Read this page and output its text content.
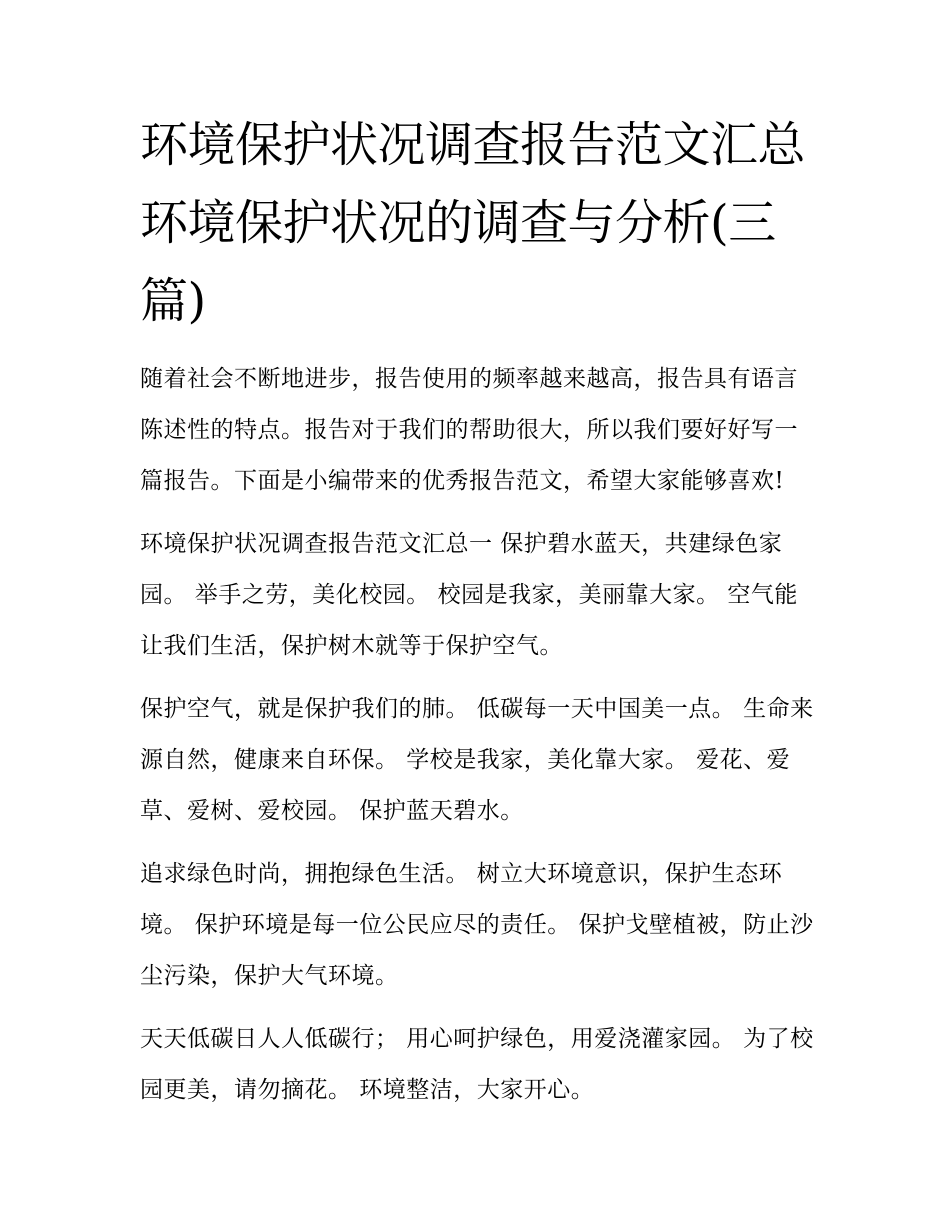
环境保护状况调查报告范文汇总 环境保护状况的调查与分析(三篇)

随着社会不断地进步，报告使用的频率越来越高，报告具有语言陈述性的特点。报告对于我们的帮助很大，所以我们要好好写一篇报告。下面是小编带来的优秀报告范文，希望大家能够喜欢!

环境保护状况调查报告范文汇总一 保护碧水蓝天，共建绿色家园。 举手之劳，美化校园。 校园是我家，美丽靠大家。 空气能让我们生活，保护树木就等于保护空气。

保护空气，就是保护我们的肺。 低碳每一天中国美一点。 生命来源自然，健康来自环保。 学校是我家，美化靠大家。 爱花、爱草、爱树、爱校园。 保护蓝天碧水。

追求绿色时尚，拥抱绿色生活。 树立大环境意识，保护生态环境。 保护环境是每一位公民应尽的责任。 保护戈壁植被，防止沙尘污染，保护大气环境。

天天低碳日人人低碳行； 用心呵护绿色，用爱浇灌家园。 为了校园更美，请勿摘花。 环境整洁，大家开心。
